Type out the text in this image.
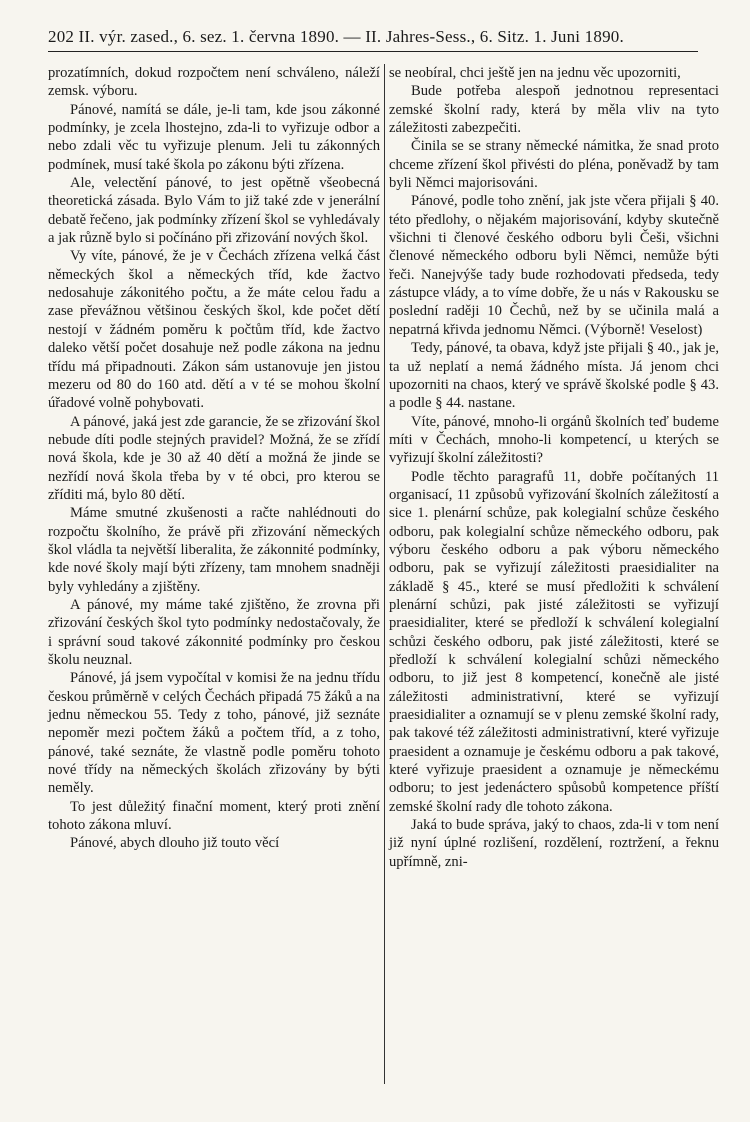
202 II. výr. zased., 6. sez. 1. června 1890. — II. Jahres-Sess., 6. Sitz. 1. Juni 1890.

prozatímních, dokud rozpočtem není schváleno, náleží zemsk. výboru.

Pánové, namítá se dále, je-li tam, kde jsou zákonné podmínky, je zcela lhostejno, zda-li to vyřizuje odbor a nebo zdali věc tu vyřizuje plenum. Jeli tu zákonných podmínek, musí také škola po zákonu býti zřízena.

Ale, velectění pánové, to jest opětně všeobecná theoretická zásada. Bylo Vám to již také zde v jenerální debatě řečeno, jak podmínky zřízení škol se vyhledávaly a jak různě bylo si počínáno při zřizování nových škol.

Vy víte, pánové, že je v Čechách zřízena velká část německých škol a německých tříd, kde žactvo nedosahuje zákonitého počtu, a že máte celou řadu a zase převážnou většinou českých škol, kde počet dětí nestojí v žádném poměru k počtům tříd, kde žactvo daleko větší počet dosahuje než podle zákona na jednu třídu má připadnouti. Zákon sám ustanovuje jen jistou mezeru od 80 do 160 atd. dětí a v té se mohou školní úřadové volně pohybovati.

A pánové, jaká jest zde garancie, že se zřizování škol nebude díti podle stejných pravidel? Možná, že se zřídí nová škola, kde je 30 až 40 dětí a možná že jinde se nezřídí nová škola třeba by v té obci, pro kterou se zříditi má, bylo 80 dětí.

Máme smutné zkušenosti a račte nahlédnouti do rozpočtu školního, že právě při zřizování německých škol vládla ta největší liberalita, že zákonnité podmínky, kde nové školy mají býti zřízeny, tam mnohem snadněji byly vyhledány a zjištěny.

A pánové, my máme také zjištěno, že zrovna při zřizování českých škol tyto podmínky nedostačovaly, že i správní soud takové zákonnité podmínky pro českou školu neuznal.

Pánové, já jsem vypočítal v komisi že na jednu třídu českou průměrně v celých Čechách připadá 75 žáků a na jednu německou 55. Tedy z toho, pánové, již seznáte nepoměr mezi počtem žáků a počtem tříd, a z toho, pánové, také seznáte, že vlastně podle poměru tohoto nové třídy na německých školách zřizovány by býti neměly.

To jest důležitý finační moment, který proti znění tohoto zákona mluví.

Pánové, abych dlouho již touto věcí

se neobíral, chci ještě jen na jednu věc upozorniti,

Bude potřeba alespoň jednotnou representaci zemské školní rady, která by měla vliv na tyto záležitosti zabezpečiti.

Činila se se strany německé námitka, že snad proto chceme zřízení škol přivésti do pléna, poněvadž by tam byli Němci majorisováni.

Pánové, podle toho znění, jak jste včera přijali § 40. této předlohy, o nějakém majorisování, kdyby skutečně všichni ti členové českého odboru byli Češi, všichni členové německého odboru byli Němci, nemůže býti řeči. Nanejvýše tady bude rozhodovati předseda, tedy zástupce vlády, a to víme dobře, že u nás v Rakousku se poslední raději 10 Čechů, než by se učinila malá a nepatrná křivda jednomu Němci. (Výborně! Veselost)

Tedy, pánové, ta obava, když jste přijali § 40., jak je, ta už neplatí a nemá žádného místa. Já jenom chci upozorniti na chaos, který ve správě školské podle § 43. a podle § 44. nastane.

Víte, pánové, mnoho-li orgánů školních teď budeme míti v Čechách, mnoho-li kompetencí, u kterých se vyřizují školní záležitosti?

Podle těchto paragrafů 11, dobře počítaných 11 organisací, 11 způsobů vyřizování školních záležitostí a sice 1. plenární schůze, pak kolegialní schůze českého odboru, pak kolegialní schůze německého odboru, pak výboru českého odboru a pak výboru německého odboru, pak se vyřizují záležitosti praesidialiter na základě § 45., které se musí předložiti k schválení plenární schůzi, pak jisté záležitosti se vyřizují praesidialiter, které se předloží k schválení kolegialní schůzi českého odboru, pak jisté záležitosti, které se předloží k schválení kolegialní schůzi německého odboru, to již jest 8 kompetencí, konečně ale jisté záležitosti administrativní, které se vyřizují praesidialiter a oznamují se v plenu zemské školní rady, pak takové též záležitosti administrativní, které vyřizuje praesident a oznamuje je českému odboru a pak takové, které vyřizuje praesident a oznamuje je německému odboru; to jest jedenáctero spůsobů kompetence příští zemské školní rady dle tohoto zákona.

Jaká to bude správa, jaký to chaos, zda-li v tom není již nyní úplné rozlišení, rozdělení, roztržení, a řeknu upřímně, zni-
